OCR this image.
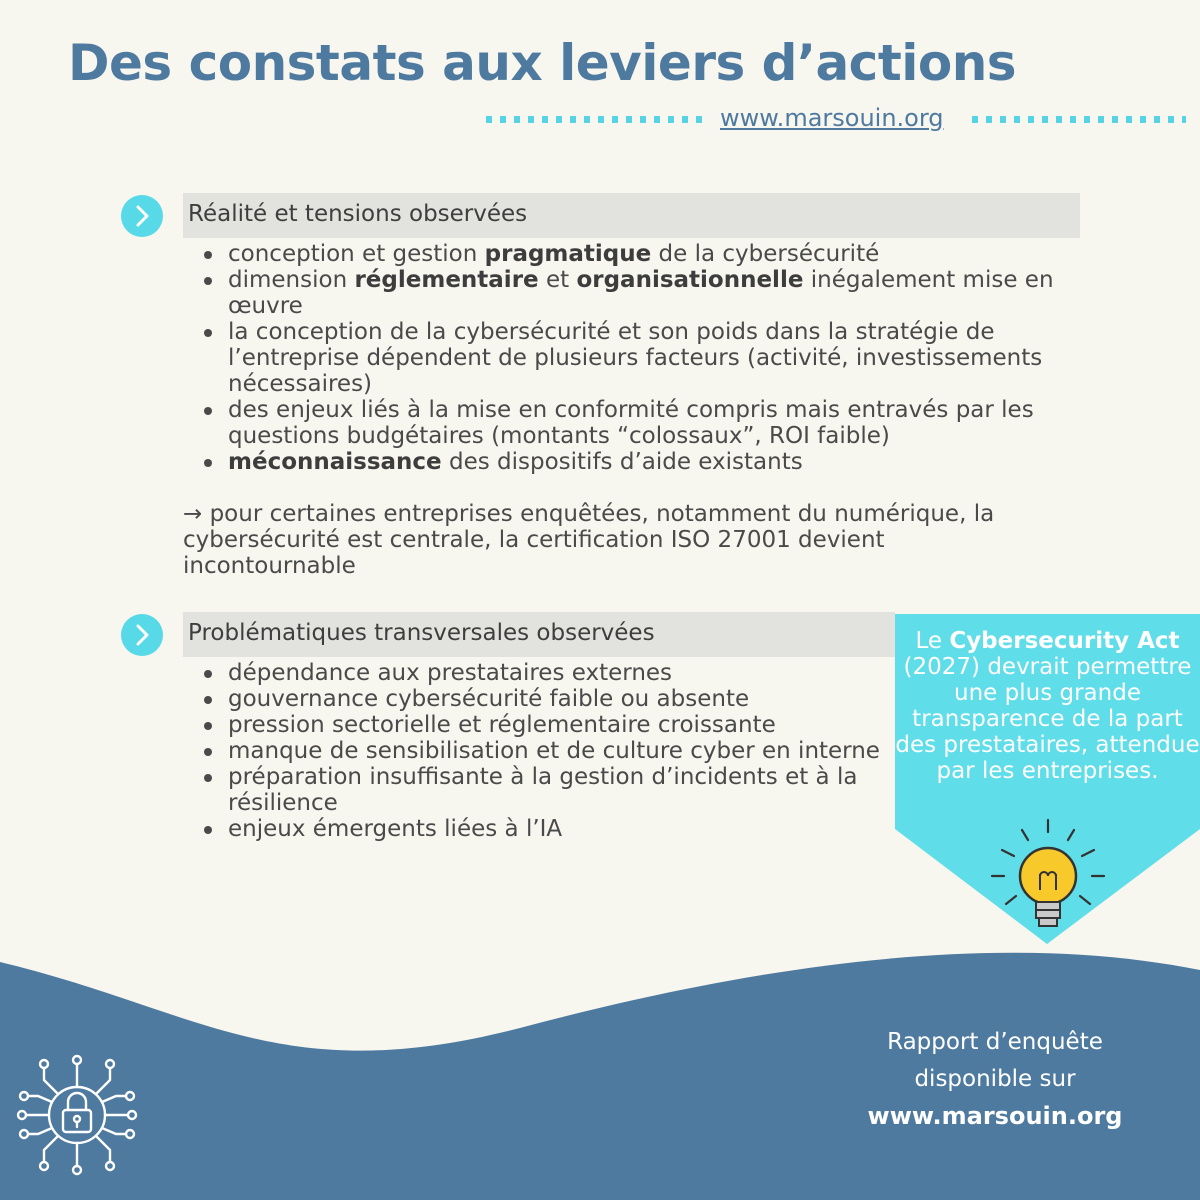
Des constats aux leviers d’actions
www.marsouin.org
Réalité et tensions observées
conception et gestion pragmatique de la cybersécurité
dimension réglementaire et organisationnelle inégalement mise en œuvre
la conception de la cybersécurité et son poids dans la stratégie de l’entreprise dépendent de plusieurs facteurs (activité, investissements nécessaires)
des enjeux liés à la mise en conformité compris mais entravés par les questions budgétaires (montants “colossaux”, ROI faible)
méconnaissance des dispositifs d’aide existants
→ pour certaines entreprises enquêtées, notamment du numérique, la cybersécurité est centrale, la certification ISO 27001 devient incontournable
Problématiques transversales observées
dépendance aux prestataires externes
gouvernance cybersécurité faible ou absente
pression sectorielle et réglementaire croissante
manque de sensibilisation et de culture cyber en interne
préparation insuffisante à la gestion d’incidents et à la résilience
enjeux émergents liées à l’IA
Le Cybersecurity Act (2027) devrait permettre une plus grande transparence de la part des prestataires, attendue par les entreprises.
Rapport d’enquête
disponible sur
www.marsouin.org
